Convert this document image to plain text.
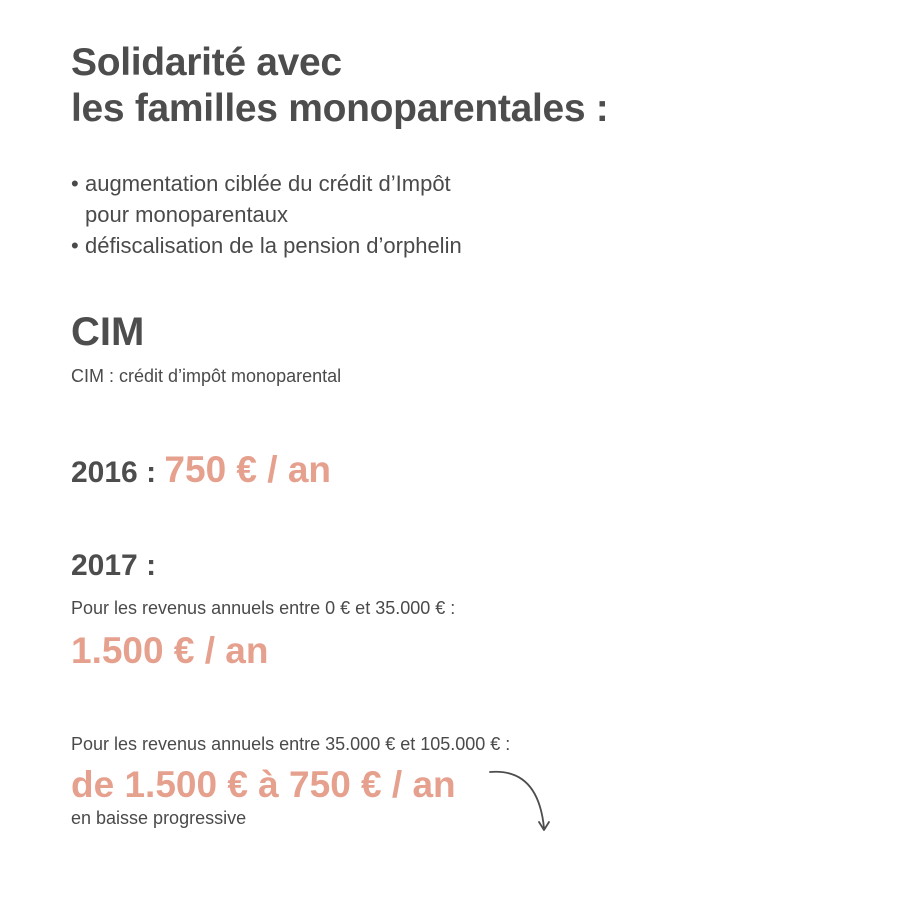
Solidarité avec
les familles monoparentales :
• augmentation ciblée du crédit d’Impôt
pour monoparentaux
• défiscalisation de la pension d’orphelin
CIM

CIM : crédit d’impôt monoparental

2016 : 750 € / an
2017 :

Pour les revenus annuels entre 0 € et 35.000 € :

1.500 € / an

Pour les revenus annuels entre 35.000 € et 105.000 € :

de 1.500 € à 750 € / an

en baisse progressive
